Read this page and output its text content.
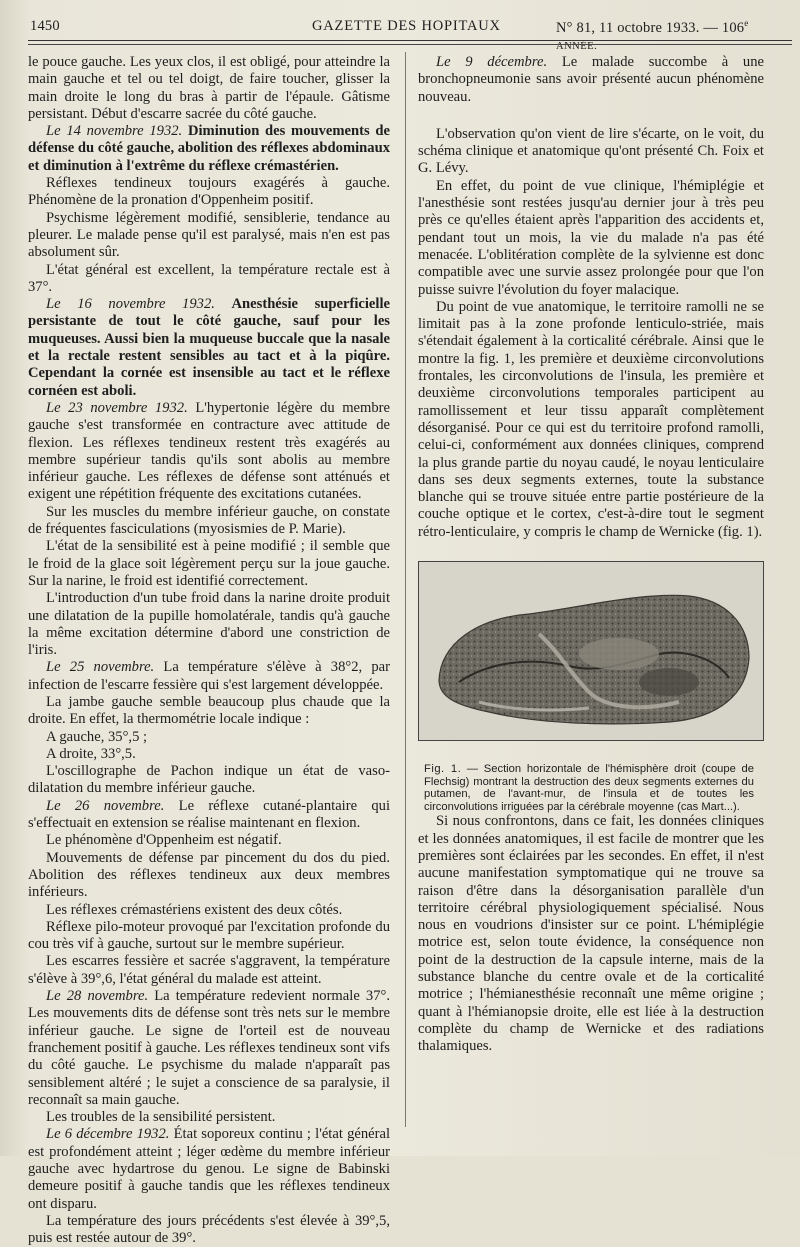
1450	GAZETTE DES HOPITAUX	N° 81, 11 octobre 1933. — 106e ANNÉE.

le pouce gauche. Les yeux clos, il est obligé, pour atteindre la main gauche et tel ou tel doigt, de faire toucher, glisser la main droite le long du bras à partir de l'épaule. Gâtisme persistant. Début d'escarre sacrée du côté gauche.

Le 14 novembre 1932. Diminution des mouvements de défense du côté gauche, abolition des réflexes abdominaux et diminution à l'extrême du réflexe crémastérien.

Réflexes tendineux toujours exagérés à gauche. Phénomène de la pronation d'Oppenheim positif.

Psychisme légèrement modifié, sensiblerie, tendance au pleurer. Le malade pense qu'il est paralysé, mais n'en est pas absolument sûr.

L'état général est excellent, la température rectale est à 37°.

Le 16 novembre 1932. Anesthésie superficielle persistante de tout le côté gauche, sauf pour les muqueuses. Aussi bien la muqueuse buccale que la nasale et la rectale restent sensibles au tact et à la piqûre. Cependant la cornée est insensible au tact et le réflexe cornéen est aboli.

Le 23 novembre 1932. L'hypertonie légère du membre gauche s'est transformée en contracture avec attitude de flexion. Les réflexes tendineux restent très exagérés au membre supérieur tandis qu'ils sont abolis au membre inférieur gauche. Les réflexes de défense sont atténués et exigent une répétition fréquente des excitations cutanées.

Sur les muscles du membre inférieur gauche, on constate de fréquentes fasciculations (myosismies de P. Marie).

L'état de la sensibilité est à peine modifié ; il semble que le froid de la glace soit légèrement perçu sur la joue gauche. Sur la narine, le froid est identifié correctement.

L'introduction d'un tube froid dans la narine droite produit une dilatation de la pupille homolatérale, tandis qu'à gauche la même excitation détermine d'abord une constriction de l'iris.

Le 25 novembre. La température s'élève à 38°2, par infection de l'escarre fessière qui s'est largement développée.

La jambe gauche semble beaucoup plus chaude que la droite. En effet, la thermométrie locale indique :

A gauche, 35°,5 ;

A droite, 33°,5.

L'oscillographe de Pachon indique un état de vaso-dilatation du membre inférieur gauche.

Le 26 novembre. Le réflexe cutané-plantaire qui s'effectuait en extension se réalise maintenant en flexion.

Le phénomène d'Oppenheim est négatif.

Mouvements de défense par pincement du dos du pied. Abolition des réflexes tendineux aux deux membres inférieurs.

Les réflexes crémastériens existent des deux côtés.

Réflexe pilo-moteur provoqué par l'excitation profonde du cou très vif à gauche, surtout sur le membre supérieur.

Les escarres fessière et sacrée s'aggravent, la température s'élève à 39°,6, l'état général du malade est atteint.

Le 28 novembre. La température redevient normale 37°. Les mouvements dits de défense sont très nets sur le membre inférieur gauche. Le signe de l'orteil est de nouveau franchement positif à gauche. Les réflexes tendineux sont vifs du côté gauche. Le psychisme du malade n'apparaît pas sensiblement altéré ; le sujet a conscience de sa paralysie, il reconnaît sa main gauche.

Les troubles de la sensibilité persistent.

Le 6 décembre 1932. État soporeux continu ; l'état général est profondément atteint ; léger œdème du membre inférieur gauche avec hydartrose du genou. Le signe de Babinski demeure positif à gauche tandis que les réflexes tendineux ont disparu.

La température des jours précédents s'est élevée à 39°,5, puis est restée autour de 39°.

Le 9 décembre. Le malade succombe à une bronchopneumonie sans avoir présenté aucun phénomène nouveau.

L'observation qu'on vient de lire s'écarte, on le voit, du schéma clinique et anatomique qu'ont présenté Ch. Foix et G. Lévy.

En effet, du point de vue clinique, l'hémiplégie et l'anesthésie sont restées jusqu'au dernier jour à très peu près ce qu'elles étaient après l'apparition des accidents et, pendant tout un mois, la vie du malade n'a pas été menacée. L'oblitération complète de la sylvienne est donc compatible avec une survie assez prolongée pour que l'on puisse suivre l'évolution du foyer malacique.

Du point de vue anatomique, le territoire ramolli ne se limitait pas à la zone profonde lenticulo-striée, mais s'étendait également à la corticalité cérébrale. Ainsi que le montre la fig. 1, les première et deuxième circonvolutions frontales, les circonvolutions de l'insula, les première et deuxième circonvolutions temporales participent au ramollissement et leur tissu apparaît complètement désorganisé. Pour ce qui est du territoire profond ramolli, celui-ci, conformément aux données cliniques, comprend la plus grande partie du noyau caudé, le noyau lenticulaire dans ses deux segments externes, toute la substance blanche qui se trouve située entre partie postérieure de la couche optique et le cortex, c'est-à-dire tout le segment rétro-lenticulaire, y compris le champ de Wernicke (fig. 1).

Fig. 1. — Section horizontale de l'hémisphère droit (coupe de Flechsig) montrant la destruction des deux segments externes du putamen, de l'avant-mur, de l'insula et de toutes les circonvolutions irriguées par la cérébrale moyenne (cas Mart...).

Si nous confrontons, dans ce fait, les données cliniques et les données anatomiques, il est facile de montrer que les premières sont éclairées par les secondes. En effet, il n'est aucune manifestation symptomatique qui ne trouve sa raison d'être dans la désorganisation parallèle d'un territoire cérébral physiologiquement spécialisé. Nous nous en voudrions d'insister sur ce point. L'hémiplégie motrice est, selon toute évidence, la conséquence non point de la destruction de la capsule interne, mais de la substance blanche du centre ovale et de la corticalité motrice ; l'hémianesthésie reconnaît une même origine ; quant à l'hémianopsie droite, elle est liée à la destruction complète du champ de Wernicke et des radiations thalamiques.
